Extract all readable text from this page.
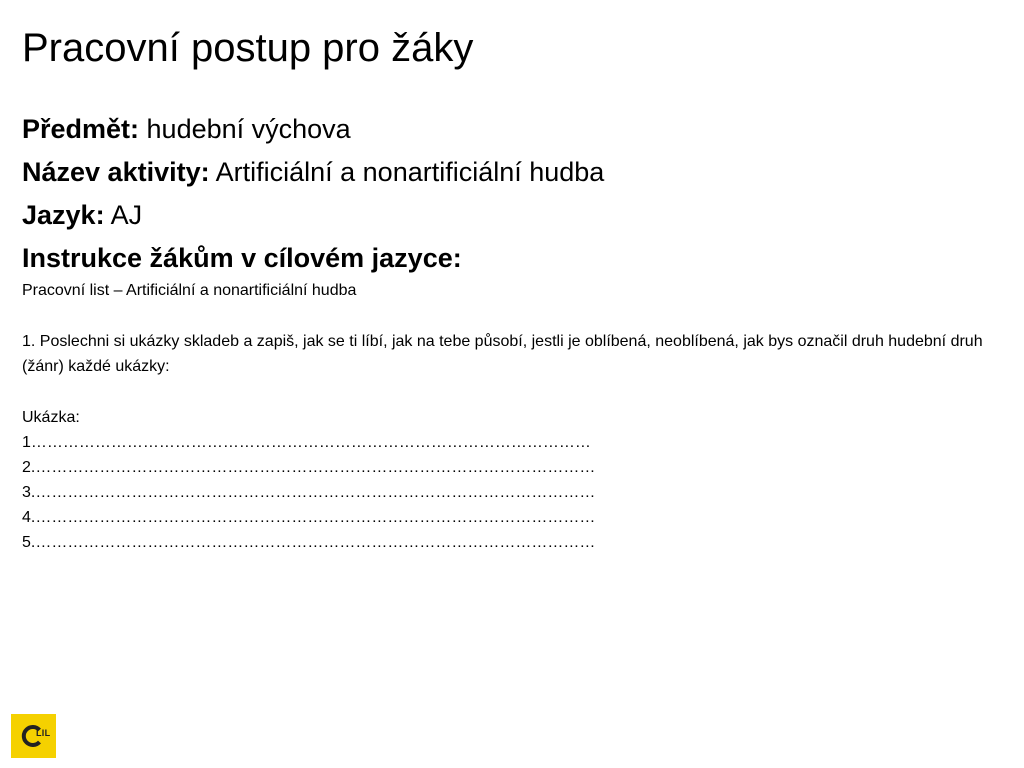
Pracovní postup pro žáky
Předmět: hudební výchova
Název aktivity: Artificiální a nonartificiální hudba
Jazyk: AJ
Instrukce žákům v cílovém jazyce:

Pracovní list – Artificiální a nonartificiální hudba

1. Poslechni si ukázky skladeb a zapiš, jak se ti líbí, jak na tebe působí, jestli je oblíbená, neoblíbená, jak bys označil druh hudební druh (žánr) každé ukázky:

Ukázka:

1……………………………………………………………………………………………
2.……………………………………………………………………………………………
3.……………………………………………………………………………………………
4.……………………………………………………………………………………………
5.……………………………………………………………………………………………
LIL
